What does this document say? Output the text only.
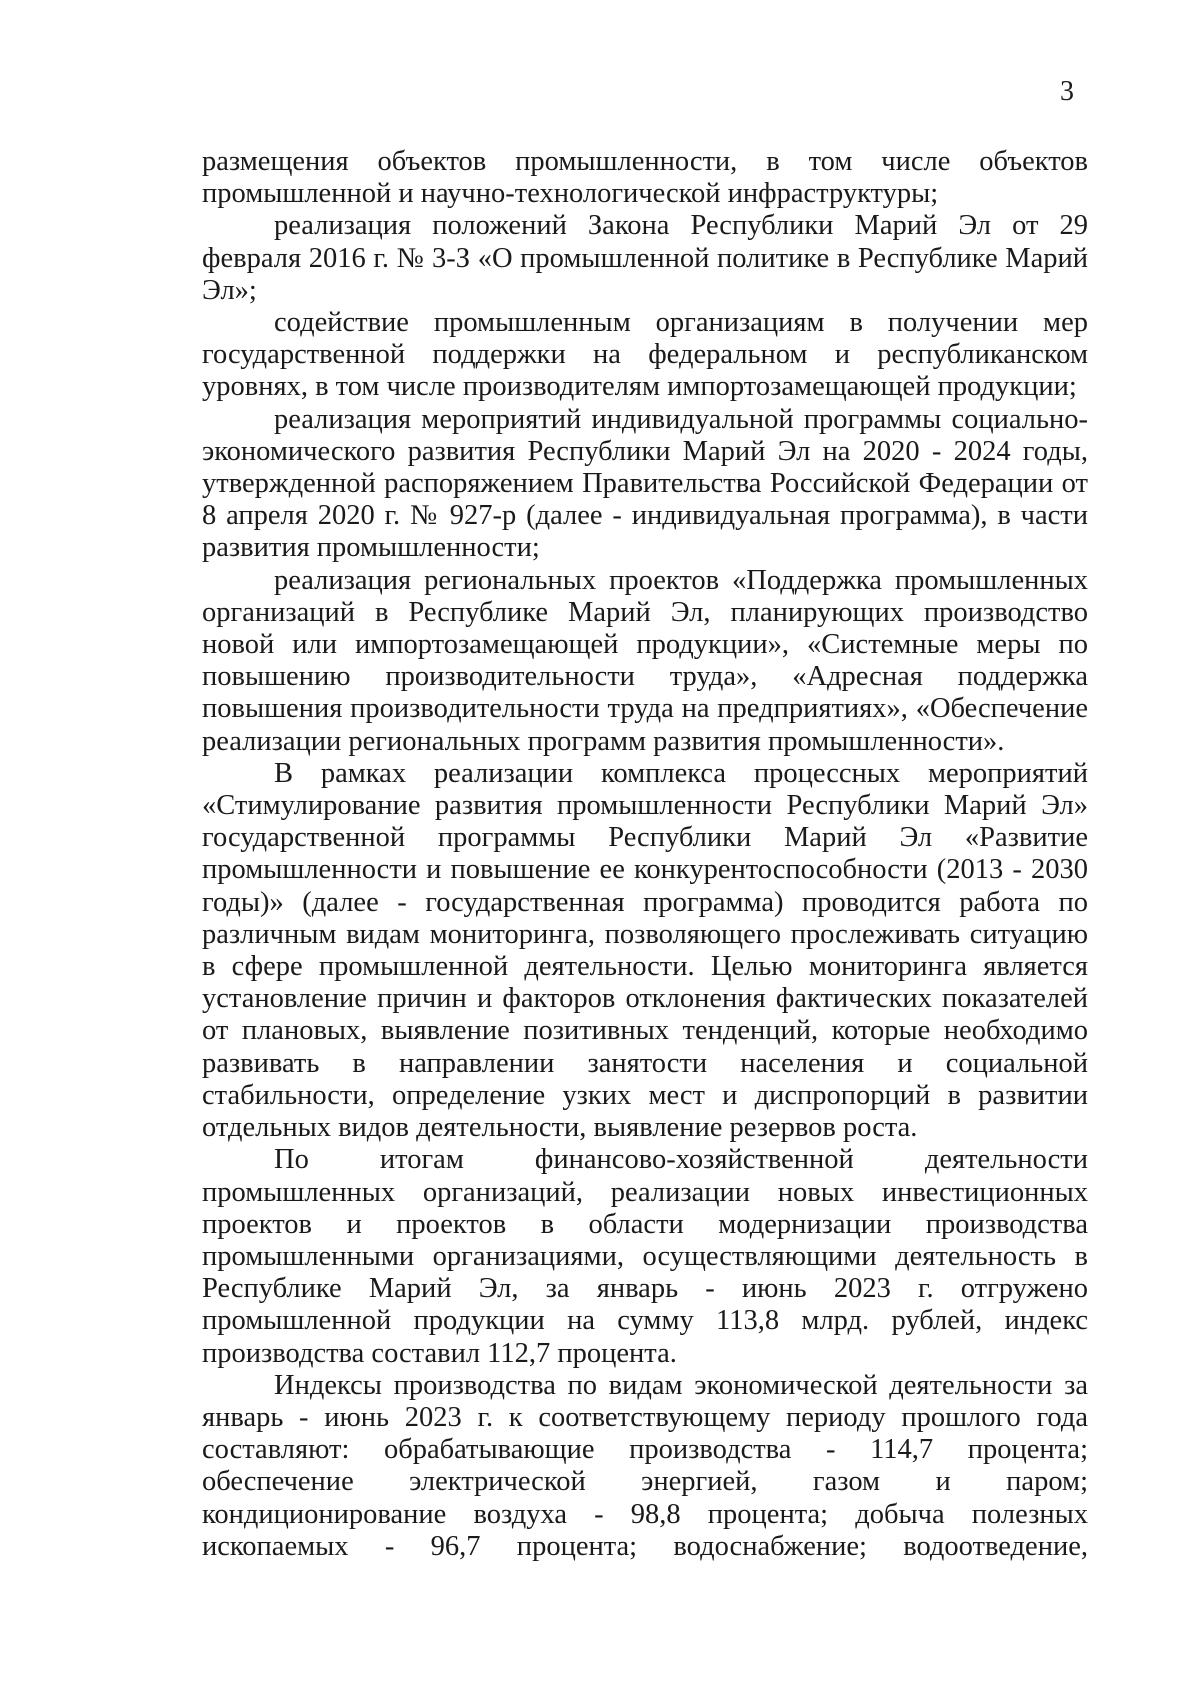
3

размещения объектов промышленности, в том числе объектов промышленной и научно-технологической инфраструктуры;

реализация положений Закона Республики Марий Эл от 29 февраля 2016 г. № 3-З «О промышленной политике в Республике Марий Эл»;

содействие промышленным организациям в получении мер государственной поддержки на федеральном и республиканском уровнях, в том числе производителям импортозамещающей продукции;

реализация мероприятий индивидуальной программы социально-экономического развития Республики Марий Эл на 2020 - 2024 годы, утвержденной распоряжением Правительства Российской Федерации от 8 апреля 2020 г. № 927-р (далее - индивидуальная программа), в части развития промышленности;

реализация региональных проектов «Поддержка промышленных организаций в Республике Марий Эл, планирующих производство новой или импортозамещающей продукции», «Системные меры по повышению производительности труда», «Адресная поддержка повышения производительности труда на предприятиях», «Обеспечение реализации региональных программ развития промышленности».

В рамках реализации комплекса процессных мероприятий «Стимулирование развития промышленности Республики Марий Эл» государственной программы Республики Марий Эл «Развитие промышленности и повышение ее конкурентоспособности (2013 - 2030 годы)» (далее - государственная программа) проводится работа по различным видам мониторинга, позволяющего прослеживать ситуацию в сфере промышленной деятельности. Целью мониторинга является установление причин и факторов отклонения фактических показателей от плановых, выявление позитивных тенденций, которые необходимо развивать в направлении занятости населения и социальной стабильности, определение узких мест и диспропорций в развитии отдельных видов деятельности, выявление резервов роста.

По итогам финансово-хозяйственной деятельности промышленных организаций, реализации новых инвестиционных проектов и проектов в области модернизации производства промышленными организациями, осуществляющими деятельность в Республике Марий Эл, за январь - июнь 2023 г. отгружено промышленной продукции на сумму 113,8 млрд. рублей, индекс производства составил 112,7 процента.

Индексы производства по видам экономической деятельности за январь - июнь 2023 г. к соответствующему периоду прошлого года составляют: обрабатывающие производства - 114,7 процента; обеспечение электрической энергией, газом и паром; кондиционирование воздуха - 98,8 процента; добыча полезных ископаемых - 96,7 процента; водоснабжение; водоотведение,
